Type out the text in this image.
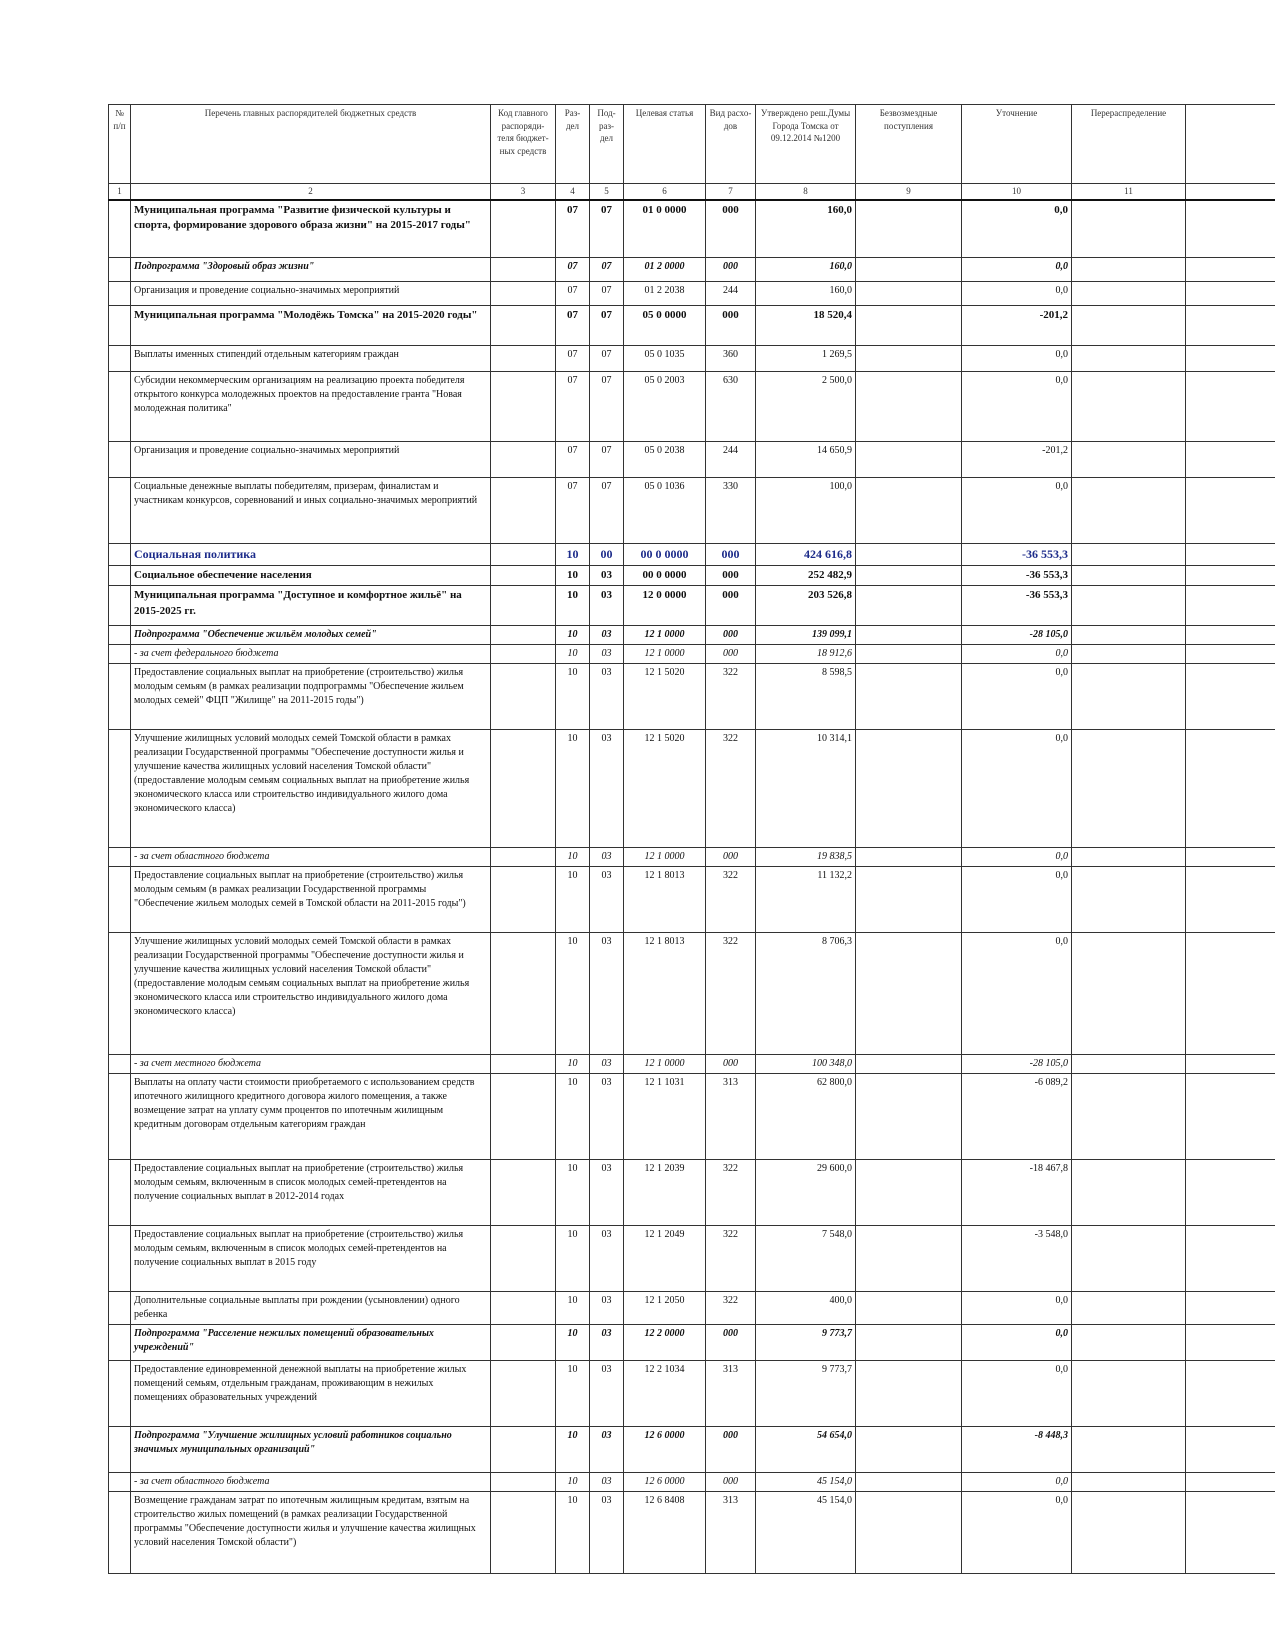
№ п/п	Перечень главных распорядителей бюджетных средств	Код главного распоряди-теля бюджет-ных средств	Раз-дел	Под-раз-дел	Целевая статья	Вид расхо-дов	Утверждено реш.Думы Города Томска от 09.12.2014 №1200	Безвозмездные поступления	Уточнение	Перераспределение	
1	2	3	4	5	6	7	8	9	10	11	
	Муниципальная программа "Развитие физической культуры и спорта, формирование здорового образа жизни" на 2015-2017 годы"		07	07	01 0 0000	000	160,0		0,0		
	Подпрограмма "Здоровый образ жизни"		07	07	01 2 0000	000	160,0		0,0		
	Организация и проведение социально-значимых мероприятий		07	07	01 2 2038	244	160,0		0,0		
	Муниципальная программа "Молодёжь Томска" на 2015-2020 годы"		07	07	05 0 0000	000	18 520,4		-201,2		
	Выплаты именных стипендий отдельным категориям граждан		07	07	05 0 1035	360	1 269,5		0,0		
	Субсидии некоммерческим организациям на реализацию проекта победителя открытого конкурса молодежных проектов на предоставление гранта "Новая молодежная политика"		07	07	05 0 2003	630	2 500,0		0,0		
	Организация и проведение социально-значимых мероприятий		07	07	05 0 2038	244	14 650,9		-201,2		
	Социальные денежные выплаты победителям, призерам, финалистам и участникам конкурсов, соревнований и иных социально-значимых мероприятий		07	07	05 0 1036	330	100,0		0,0		
	Социальная политика		10	00	00 0 0000	000	424 616,8		-36 553,3		
	Социальное обеспечение населения		10	03	00 0 0000	000	252 482,9		-36 553,3		
	Муниципальная программа "Доступное и комфортное жильё" на 2015-2025 гг.		10	03	12 0 0000	000	203 526,8		-36 553,3		
	Подпрограмма "Обеспечение жильём молодых семей"		10	03	12 1 0000	000	139 099,1		-28 105,0		
	- за счет федерального бюджета		10	03	12 1 0000	000	18 912,6		0,0		
	Предоставление социальных выплат на приобретение (строительство) жилья молодым семьям (в рамках реализации подпрограммы "Обеспечение жильем молодых семей" ФЦП "Жилище" на 2011-2015 годы")		10	03	12 1 5020	322	8 598,5		0,0		
	Улучшение жилищных условий молодых семей Томской области в рамках реализации Государственной программы "Обеспечение доступности жилья и улучшение качества жилищных условий населения Томской области" (предоставление молодым семьям социальных выплат на приобретение жилья экономического класса или строительство индивидуального жилого дома экономического класса)		10	03	12 1 5020	322	10 314,1		0,0		
	- за счет областного бюджета		10	03	12 1 0000	000	19 838,5		0,0		
	Предоставление социальных выплат на приобретение (строительство) жилья молодым семьям (в рамках реализации Государственной программы "Обеспечение жильем молодых семей в Томской области на 2011-2015 годы")		10	03	12 1 8013	322	11 132,2		0,0		
	Улучшение жилищных условий молодых семей Томской области в рамках реализации Государственной программы "Обеспечение доступности жилья и улучшение качества жилищных условий населения Томской области" (предоставление молодым семьям социальных выплат на приобретение жилья экономического класса или строительство индивидуального жилого дома экономического класса)		10	03	12 1 8013	322	8 706,3		0,0		
	- за счет местного бюджета		10	03	12 1 0000	000	100 348,0		-28 105,0		
	Выплаты на оплату части стоимости приобретаемого с использованием средств ипотечного жилищного кредитного договора жилого помещения, а также возмещение затрат на уплату сумм процентов по ипотечным жилищным кредитным договорам отдельным категориям граждан		10	03	12 1 1031	313	62 800,0		-6 089,2		
	Предоставление социальных выплат на приобретение (строительство) жилья молодым семьям, включенным в список молодых семей-претендентов на получение социальных выплат в 2012-2014 годах		10	03	12 1 2039	322	29 600,0		-18 467,8		
	Предоставление социальных выплат на приобретение (строительство) жилья молодым семьям, включенным в список молодых семей-претендентов на получение социальных выплат в 2015 году		10	03	12 1 2049	322	7 548,0		-3 548,0		
	Дополнительные социальные выплаты при рождении (усыновлении) одного ребенка		10	03	12 1 2050	322	400,0		0,0		
	Подпрограмма "Расселение нежилых помещений образовательных учреждений"		10	03	12 2 0000	000	9 773,7		0,0		
	Предоставление единовременной денежной выплаты на приобретение жилых помещений семьям, отдельным гражданам, проживающим в нежилых помещениях образовательных учреждений		10	03	12 2 1034	313	9 773,7		0,0		
	Подпрограмма "Улучшение жилищных условий работников социально значимых муниципальных организаций"		10	03	12 6 0000	000	54 654,0		-8 448,3		
	- за счет областного бюджета		10	03	12 6 0000	000	45 154,0		0,0		
	Возмещение гражданам затрат по ипотечным жилищным кредитам, взятым на строительство жилых помещений (в рамках реализации Государственной программы "Обеспечение доступности жилья и улучшение качества жилищных условий населения Томской области")		10	03	12 6 8408	313	45 154,0		0,0		
